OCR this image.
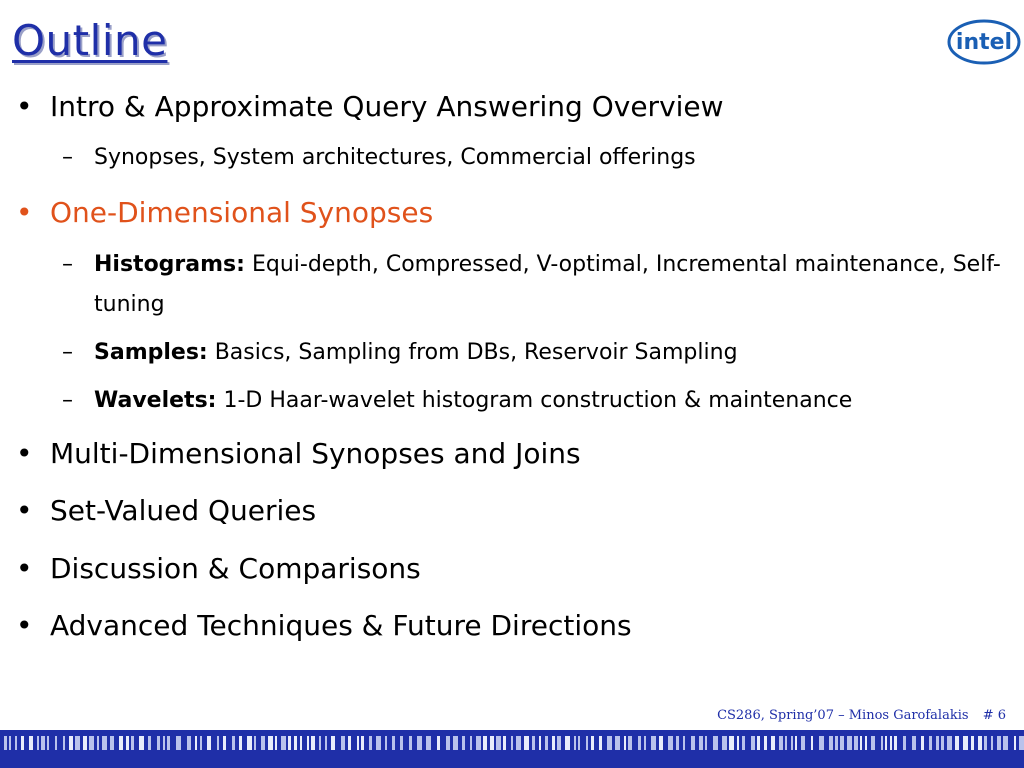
Outline	intel
• Intro & Approximate Query Answering Overview
– Synopses, System architectures, Commercial offerings
• One-Dimensional Synopses
– Histograms: Equi-depth, Compressed, V-optimal, Incremental maintenance, Self-tuning
– Samples: Basics, Sampling from DBs, Reservoir Sampling
– Wavelets: 1-D Haar-wavelet histogram construction & maintenance
• Multi-Dimensional Synopses and Joins
• Set-Valued Queries
• Discussion & Comparisons
• Advanced Techniques & Future Directions
CS286, Spring’07 – Minos Garofalakis # 6
